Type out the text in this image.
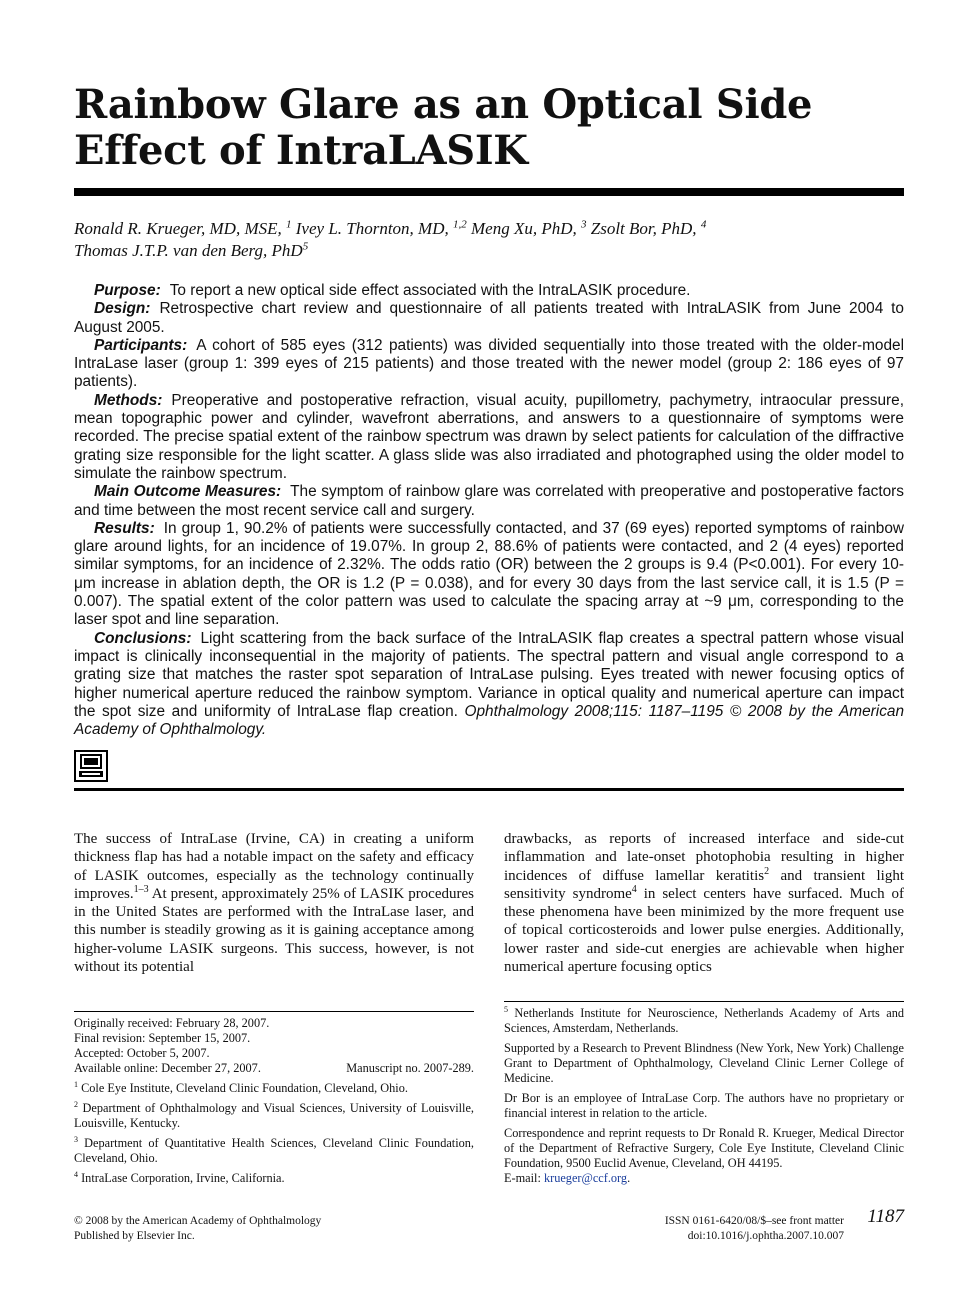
Rainbow Glare as an Optical Side Effect of IntraLASIK
Ronald R. Krueger, MD, MSE, $^1$ Ivey L. Thornton, MD, $^{1,2}$ Meng Xu, PhD, $^3$ Zsolt Bor, PhD, $^4$
Thomas J.T.P. van den Berg, PhD$^5$

Purpose: To report a new optical side effect associated with the IntraLASIK procedure.

Design: Retrospective chart review and questionnaire of all patients treated with IntraLASIK from June 2004 to August 2005.

Participants: A cohort of 585 eyes (312 patients) was divided sequentially into those treated with the older-model IntraLase laser (group 1: 399 eyes of 215 patients) and those treated with the newer model (group 2: 186 eyes of 97 patients).

Methods: Preoperative and postoperative refraction, visual acuity, pupillometry, pachymetry, intraocular pressure, mean topographic power and cylinder, wavefront aberrations, and answers to a questionnaire of symptoms were recorded. The precise spatial extent of the rainbow spectrum was drawn by select patients for calculation of the diffractive grating size responsible for the light scatter. A glass slide was also irradiated and photographed using the older model to simulate the rainbow spectrum.

Main Outcome Measures: The symptom of rainbow glare was correlated with preoperative and postoperative factors and time between the most recent service call and surgery.

Results: In group 1, 90.2% of patients were successfully contacted, and 37 (69 eyes) reported symptoms of rainbow glare around lights, for an incidence of 19.07%. In group 2, 88.6% of patients were contacted, and 2 (4 eyes) reported similar symptoms, for an incidence of 2.32%. The odds ratio (OR) between the 2 groups is 9.4 (P<0.001). For every 10-μm increase in ablation depth, the OR is 1.2 (P = 0.038), and for every 30 days from the last service call, it is 1.5 (P = 0.007). The spatial extent of the color pattern was used to calculate the spacing array at ~9 μm, corresponding to the laser spot and line separation.

Conclusions: Light scattering from the back surface of the IntraLASIK flap creates a spectral pattern whose visual impact is clinically inconsequential in the majority of patients. The spectral pattern and visual angle correspond to a grating size that matches the raster spot separation of IntraLase pulsing. Eyes treated with newer focusing optics of higher numerical aperture reduced the rainbow symptom. Variance in optical quality and numerical aperture can impact the spot size and uniformity of IntraLase flap creation. Ophthalmology 2008;115: 1187–1195 © 2008 by the American Academy of Ophthalmology.

The success of IntraLase (Irvine, CA) in creating a uniform thickness flap has had a notable impact on the safety and efficacy of LASIK outcomes, especially as the technology continually improves.$^{1-3}$ At present, approximately 25% of LASIK procedures in the United States are performed with the IntraLase laser, and this number is steadily growing as it is gaining acceptance among higher-volume LASIK surgeons. This success, however, is not without its potential

drawbacks, as reports of increased interface and side-cut inflammation and late-onset photophobia resulting in higher incidences of diffuse lamellar keratitis$^2$ and transient light sensitivity syndrome$^4$ in select centers have surfaced. Much of these phenomena have been minimized by the more frequent use of topical corticosteroids and lower pulse energies. Additionally, lower raster and side-cut energies are achievable when higher numerical aperture focusing optics

Originally received: February 28, 2007.

Final revision: September 15, 2007.

Accepted: October 5, 2007.

Available online: December 27, 2007.	Manuscript no. 2007-289.

$^1$ Cole Eye Institute, Cleveland Clinic Foundation, Cleveland, Ohio.

$^2$ Department of Ophthalmology and Visual Sciences, University of Louisville, Louisville, Kentucky.

$^3$ Department of Quantitative Health Sciences, Cleveland Clinic Foundation, Cleveland, Ohio.

$^4$ IntraLase Corporation, Irvine, California.

$^5$ Netherlands Institute for Neuroscience, Netherlands Academy of Arts and Sciences, Amsterdam, Netherlands.

Supported by a Research to Prevent Blindness (New York, New York) Challenge Grant to Department of Ophthalmology, Cleveland Clinic Lerner College of Medicine.

Dr Bor is an employee of IntraLase Corp. The authors have no proprietary or financial interest in relation to the article.

Correspondence and reprint requests to Dr Ronald R. Krueger, Medical Director of the Department of Refractive Surgery, Cole Eye Institute, Cleveland Clinic Foundation, 9500 Euclid Avenue, Cleveland, OH 44195.
E-mail: krueger@ccf.org.

© 2008 by the American Academy of Ophthalmology
Published by Elsevier Inc.
ISSN 0161-6420/08/$–see front matter
doi:10.1016/j.ophtha.2007.10.007
1187
